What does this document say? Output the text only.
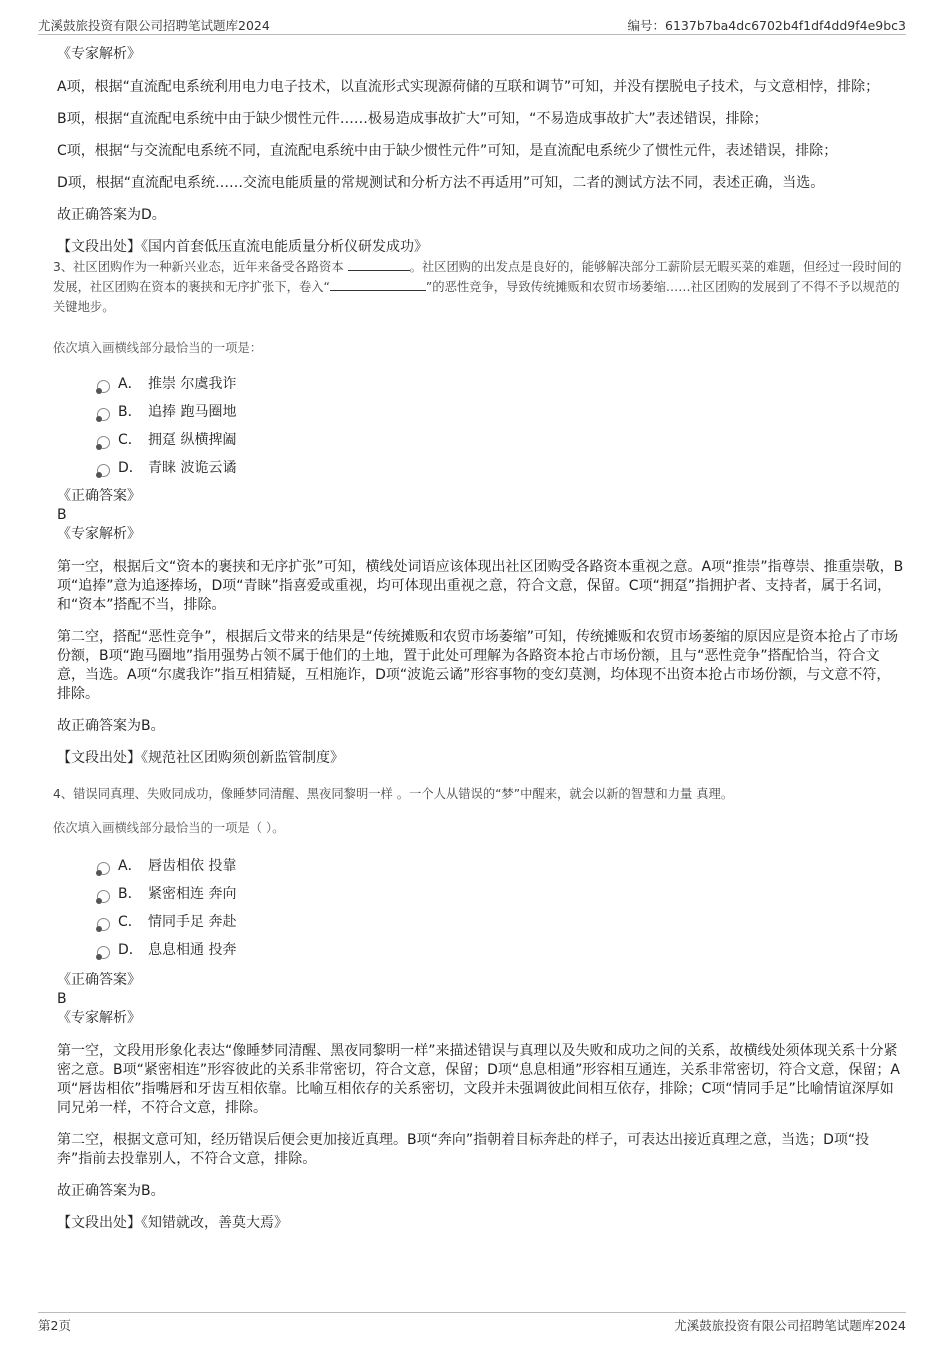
尤溪鼓旅投资有限公司招聘笔试题库2024	编号：6137b7ba4dc6702b4f1df4dd9f4e9bc3

《专家解析》

A项，根据“直流配电系统利用电力电子技术，以直流形式实现源荷储的互联和调节”可知，并没有摆脱电子技术，与文意相悖，排除；

B项，根据“直流配电系统中由于缺少惯性元件……极易造成事故扩大”可知，“不易造成事故扩大”表述错误，排除；

C项，根据“与交流配电系统不同，直流配电系统中由于缺少惯性元件”可知，是直流配电系统少了惯性元件，表述错误，排除；

D项，根据“直流配电系统……交流电能质量的常规测试和分析方法不再适用”可知，二者的测试方法不同，表述正确，当选。

故正确答案为D。

【文段出处】《国内首套低压直流电能质量分析仪研发成功》

3、社区团购作为一种新兴业态，近年来备受各路资本	。社区团购的出发点是良好的，能够解决部分工薪阶层无暇买菜的难题，但经过一段时间的发展，社区团购在资本的裹挟和无序扩张下，卷入“	”的恶性竞争，导致传统摊贩和农贸市场萎缩……社区团购的发展到了不得不予以规范的关键地步。

依次填入画横线部分最恰当的一项是：

A． 推崇 尔虞我诈
B． 追捧 跑马圈地
C． 拥趸 纵横捭阖
D． 青睐 波诡云谲

《正确答案》

B

《专家解析》

第一空，根据后文“资本的裹挟和无序扩张”可知，横线处词语应该体现出社区团购受各路资本重视之意。A项“推崇”指尊崇、推重崇敬，B项“追捧”意为追逐捧场，D项“青睐”指喜爱或重视，均可体现出重视之意，符合文意，保留。C项“拥趸”指拥护者、支持者，属于名词，和“资本”搭配不当，排除。

第二空，搭配“恶性竞争”，根据后文带来的结果是“传统摊贩和农贸市场萎缩”可知，传统摊贩和农贸市场萎缩的原因应是资本抢占了市场份额，B项“跑马圈地”指用强势占领不属于他们的土地，置于此处可理解为各路资本抢占市场份额，且与“恶性竞争”搭配恰当，符合文意，当选。A项“尔虞我诈”指互相猜疑，互相施诈，D项“波诡云谲”形容事物的变幻莫测，均体现不出资本抢占市场份额，与文意不符，排除。

故正确答案为B。

【文段出处】《规范社区团购须创新监管制度》

4、错误同真理、失败同成功，像睡梦同清醒、黑夜同黎明一样 。一个人从错误的“梦”中醒来，就会以新的智慧和力量 真理。

依次填入画横线部分最恰当的一项是（ ）。

A． 唇齿相依 投靠
B． 紧密相连 奔向
C． 情同手足 奔赴
D． 息息相通 投奔

《正确答案》

B

《专家解析》

第一空，文段用形象化表达“像睡梦同清醒、黑夜同黎明一样”来描述错误与真理以及失败和成功之间的关系，故横线处须体现关系十分紧密之意。B项“紧密相连”形容彼此的关系非常密切，符合文意，保留；D项“息息相通”形容相互通连，关系非常密切，符合文意，保留；A项“唇齿相依”指嘴唇和牙齿互相依靠。比喻互相依存的关系密切，文段并未强调彼此间相互依存，排除；C项“情同手足”比喻情谊深厚如同兄弟一样，不符合文意，排除。

第二空，根据文意可知，经历错误后便会更加接近真理。B项“奔向”指朝着目标奔赴的样子，可表达出接近真理之意，当选；D项“投奔”指前去投靠别人，不符合文意，排除。

故正确答案为B。

【文段出处】《知错就改，善莫大焉》

第2页	尤溪鼓旅投资有限公司招聘笔试题库2024
